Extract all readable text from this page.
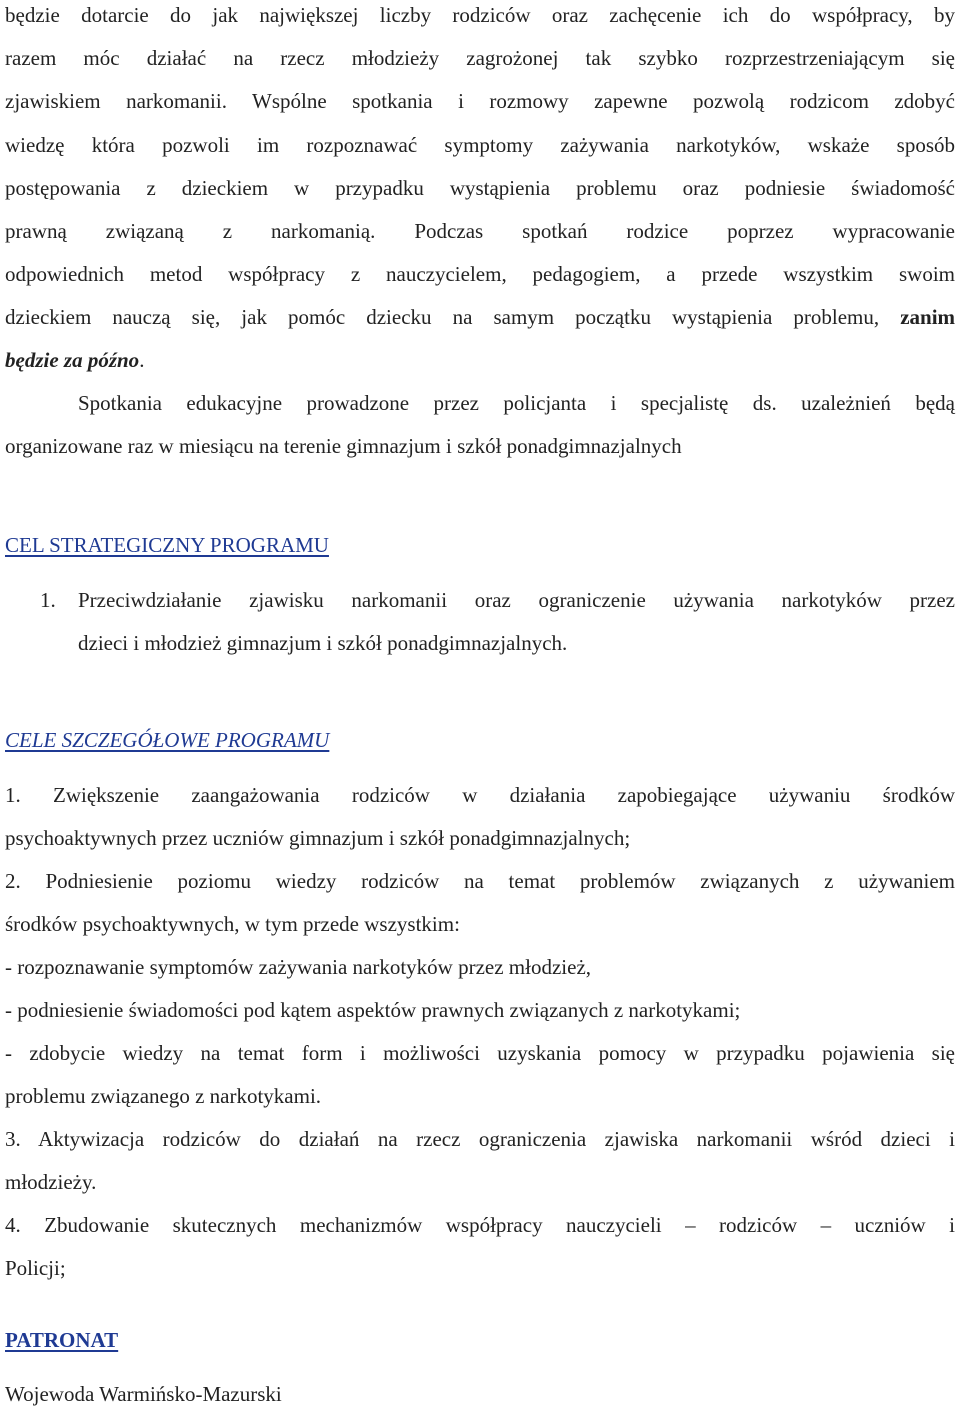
będzie dotarcie do jak największej liczby rodziców oraz zachęcenie ich do współpracy, by
razem móc działać na rzecz młodzieży zagrożonej tak szybko rozprzestrzeniającym się
zjawiskiem narkomanii. Wspólne spotkania i rozmowy zapewne pozwolą rodzicom zdobyć
wiedzę która pozwoli im rozpoznawać symptomy zażywania narkotyków, wskaże sposób
postępowania z dzieckiem w przypadku wystąpienia problemu oraz podniesie świadomość
prawną związaną z narkomanią. Podczas spotkań rodzice poprzez wypracowanie
odpowiednich metod współpracy z nauczycielem, pedagogiem, a przede wszystkim swoim
dzieckiem nauczą się, jak pomóc dziecku na samym początku wystąpienia problemu, zanim
będzie za późno.
Spotkania edukacyjne prowadzone przez policjanta i specjalistę ds. uzależnień będą
organizowane raz w miesiącu na terenie gimnazjum i szkół ponadgimnazjalnych
CEL STRATEGICZNY PROGRAMU
1. Przeciwdziałanie zjawisku narkomanii oraz ograniczenie używania narkotyków przez
dzieci i młodzież gimnazjum i szkół ponadgimnazjalnych.
CELE SZCZEGÓŁOWE PROGRAMU
1. Zwiększenie zaangażowania rodziców w działania zapobiegające używaniu środków
psychoaktywnych przez uczniów gimnazjum i szkół ponadgimnazjalnych;
2. Podniesienie poziomu wiedzy rodziców na temat problemów związanych z używaniem
środków psychoaktywnych, w tym przede wszystkim:
- rozpoznawanie symptomów zażywania narkotyków przez młodzież,
- podniesienie świadomości pod kątem aspektów prawnych związanych z narkotykami;
- zdobycie wiedzy na temat form i możliwości uzyskania pomocy w przypadku pojawienia się
problemu związanego z narkotykami.
3. Aktywizacja rodziców do działań na rzecz ograniczenia zjawiska narkomanii wśród dzieci i
młodzieży.
4. Zbudowanie skutecznych mechanizmów współpracy nauczycieli – rodziców – uczniów i
Policji;
PATRONAT
Wojewoda Warmińsko-Mazurski
